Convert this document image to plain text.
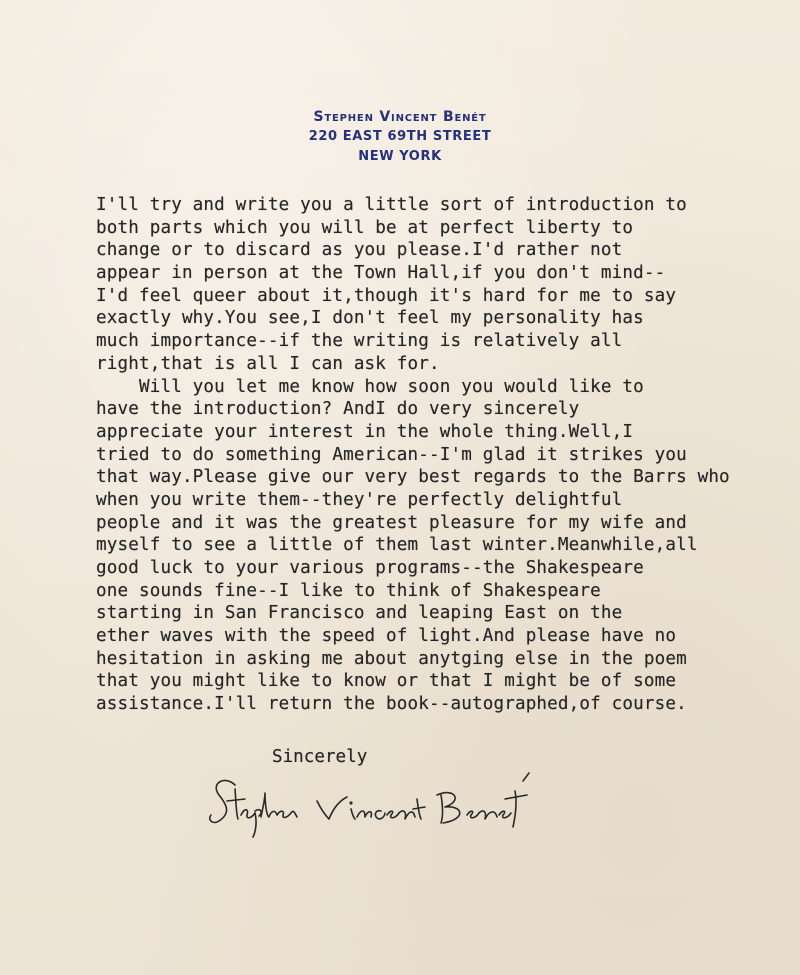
Stephen Vincent Benét
220 EAST 69TH STREET
NEW YORK
I'll try and write you a little sort of introduction to
both parts which you will be at perfect liberty to
change or to discard as you please.I'd rather not
appear in person at the Town Hall,if you don't mind--
I'd feel queer about it,though it's hard for me to say
exactly why.You see,I don't feel my personality has
much importance--if the writing is relatively all
right,that is all I can ask for.
Will you let me know how soon you would like to
have the introduction? AndI do very sincerely
appreciate your interest in the whole thing.Well,I
tried to do something American--I'm glad it strikes you
that way.Please give our very best regards to the Barrs who
when you write them--they're perfectly delightful
people and it was the greatest pleasure for my wife and
myself to see a little of them last winter.Meanwhile,all
good luck to your various programs--the Shakespeare
one sounds fine--I like to think of Shakespeare
starting in San Francisco and leaping East on the
ether waves with the speed of light.And please have no
hesitation in asking me about anytging else in the poem
that you might like to know or that I might be of some
assistance.I'll return the book--autographed,of course.
Sincerely
